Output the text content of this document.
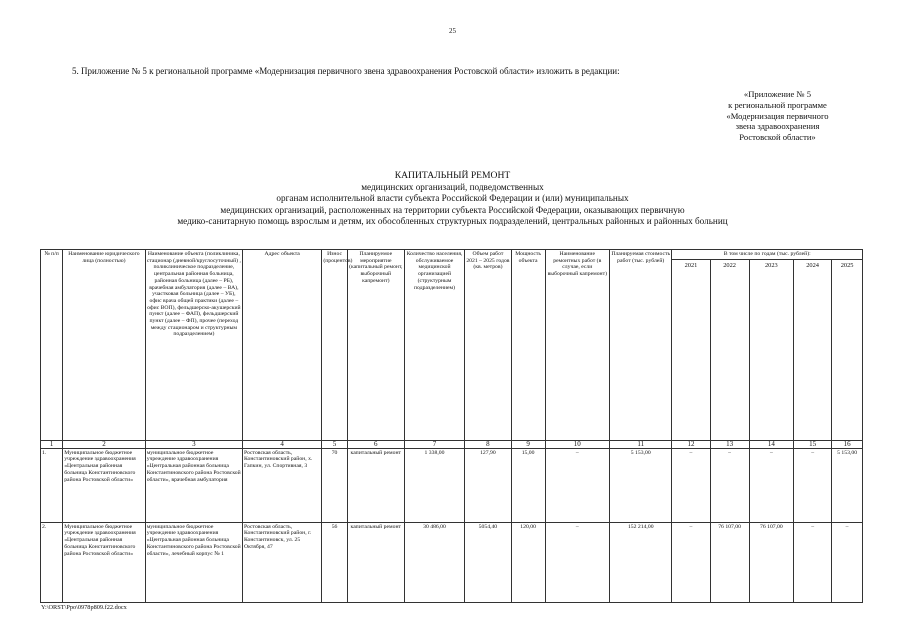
25
5. Приложение № 5 к региональной программе «Модернизация первичного звена здравоохранения Ростовской области» изложить в редакции:
«Приложение № 5
к региональной программе
«Модернизация первичного
звена здравоохранения
Ростовской области»
КАПИТАЛЬНЫЙ РЕМОНТ
медицинских организаций, подведомственных
органам исполнительной власти субъекта Российской Федерации и (или) муниципальных
медицинских организаций, расположенных на территории субъекта Российской Федерации, оказывающих первичную
медико-санитарную помощь взрослым и детям, их обособленных структурных подразделений, центральных районных и районных больниц
№ п/п	Наименование юридического лица (полностью)	Наименование объекта (поликлиника, стационар (дневной/круглосуточный) , поликлиническое подразделение, центральная районная больница, районная больница (далее – РБ), врачебная амбулатория (далее – ВА), участковая больница (далее – УБ), офис врача общей практики (далее – офис ВОП), фельдшерско-акушерский пункт (далее – ФАП), фельдшерский пункт (далее – ФП), прочее (переход между стационаром и структурным подразделением)	Адрес объекта	Износ (процентов)	Планируемое мероприятие (капитальный ремонт, выборочный капремонт)	Количество населения, обслуживаемое медицинской организацией (структурным подразделением)	Объем работ 2021 – 2025 годов (кв. метров)	Мощность объекта	Наименование ремонтных работ (в случае, если выборочный капремонт)	Планируемая стоимость работ (тыс. рублей)	В том числе по годам (тыс. рублей):				
											2021	2022	2023	2024	2025
1	2	3	4	5	6	7	8	9	10	11	12	13	14	15	16
1.	Муниципальное бюджетное учреждение здравоохранения «Центральная районная больница Константиновского района Ростовской области»	муниципальное бюджетное учреждение здравоохранения «Центральная районная больница Константиновского района Ростовской области», врачебная амбулатория	Ростовская область, Константиновский район, х. Гапкин, ул. Спортивная, 3	70	капитальный ремонт	1 338,00	127,90	15,00	–	5 153,00	–	–	–	–	5 153,00
2.	Муниципальное бюджетное учреждение здравоохранения «Центральная районная больница Константиновского района Ростовской области»	муниципальное бюджетное учреждение здравоохранения «Центральная районная больница Константиновского района Ростовской области», лечебный корпус № 1	Ростовская область, Константиновский район, г. Константиновск, ул. 25 Октября, 47	56	капитальный ремонт	30 486,00	5054,40	120,00	–	152 214,00	–	76 107,00	76 107,00	–	–
Y:\ORST\Ppo\0978p809.f22.docx
